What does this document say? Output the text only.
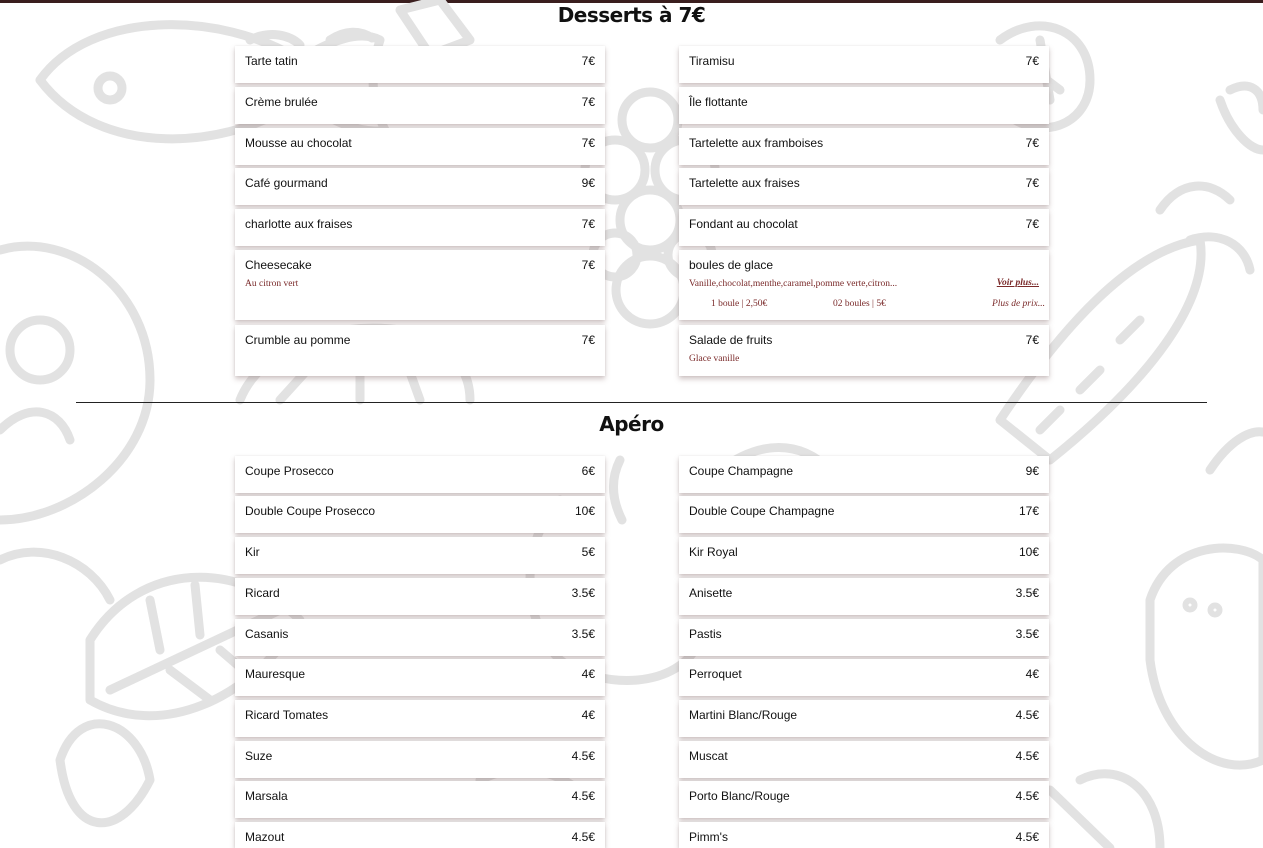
Desserts à 7€
Tarte tatin	7€
Crème brulée	7€
Mousse au chocolat	7€
Café gourmand	9€
charlotte aux fraises	7€
Cheesecake	7€
Au citron vert
Crumble au pomme	7€
Tiramisu	7€
Île flottante
Tartelette aux framboises	7€
Tartelette aux fraises	7€
Fondant au chocolat	7€
boules de glace
Vanille,chocolat,menthe,caramel,pomme verte,citron...	Voir plus...
1 boule | 2,50€	02 boules | 5€	Plus de prix...
Salade de fruits	7€
Glace vanille
Apéro
Coupe Prosecco	6€
Double Coupe Prosecco	10€
Kir	5€
Ricard	3.5€
Casanis	3.5€
Mauresque	4€
Ricard Tomates	4€
Suze	4.5€
Marsala	4.5€
Mazout	4.5€
Coupe Champagne	9€
Double Coupe Champagne	17€
Kir Royal	10€
Anisette	3.5€
Pastis	3.5€
Perroquet	4€
Martini Blanc/Rouge	4.5€
Muscat	4.5€
Porto Blanc/Rouge	4.5€
Pimm's	4.5€
